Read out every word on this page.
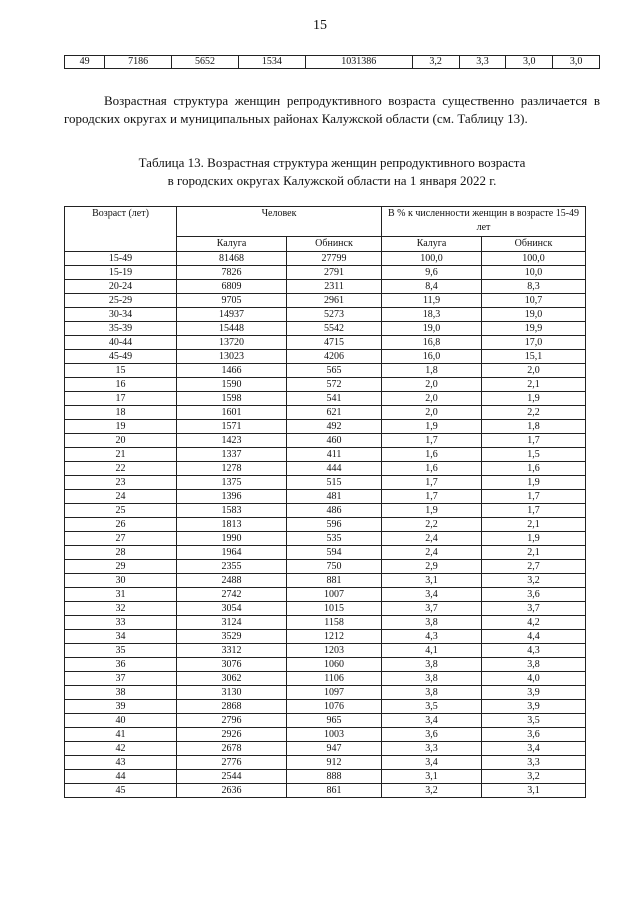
15
49	7186	5652	1534	1031386	3,2	3,3	3,0	3,0

Возрастная структура женщин репродуктивного возраста существенно различается в городских округах и муниципальных районах Калужской области (см. Таблицу 13).

Таблица 13. Возрастная структура женщин репродуктивного возраста
в городских округах Калужской области на 1 января 2022 г.
Возраст (лет)	Человек		В % к численности женщин в возрасте 15-49 лет	
	Калуга	Обнинск	Калуга	Обнинск
15-49	81468	27799	100,0	100,0
15-19	7826	2791	9,6	10,0
20-24	6809	2311	8,4	8,3
25-29	9705	2961	11,9	10,7
30-34	14937	5273	18,3	19,0
35-39	15448	5542	19,0	19,9
40-44	13720	4715	16,8	17,0
45-49	13023	4206	16,0	15,1
15	1466	565	1,8	2,0
16	1590	572	2,0	2,1
17	1598	541	2,0	1,9
18	1601	621	2,0	2,2
19	1571	492	1,9	1,8
20	1423	460	1,7	1,7
21	1337	411	1,6	1,5
22	1278	444	1,6	1,6
23	1375	515	1,7	1,9
24	1396	481	1,7	1,7
25	1583	486	1,9	1,7
26	1813	596	2,2	2,1
27	1990	535	2,4	1,9
28	1964	594	2,4	2,1
29	2355	750	2,9	2,7
30	2488	881	3,1	3,2
31	2742	1007	3,4	3,6
32	3054	1015	3,7	3,7
33	3124	1158	3,8	4,2
34	3529	1212	4,3	4,4
35	3312	1203	4,1	4,3
36	3076	1060	3,8	3,8
37	3062	1106	3,8	4,0
38	3130	1097	3,8	3,9
39	2868	1076	3,5	3,9
40	2796	965	3,4	3,5
41	2926	1003	3,6	3,6
42	2678	947	3,3	3,4
43	2776	912	3,4	3,3
44	2544	888	3,1	3,2
45	2636	861	3,2	3,1
